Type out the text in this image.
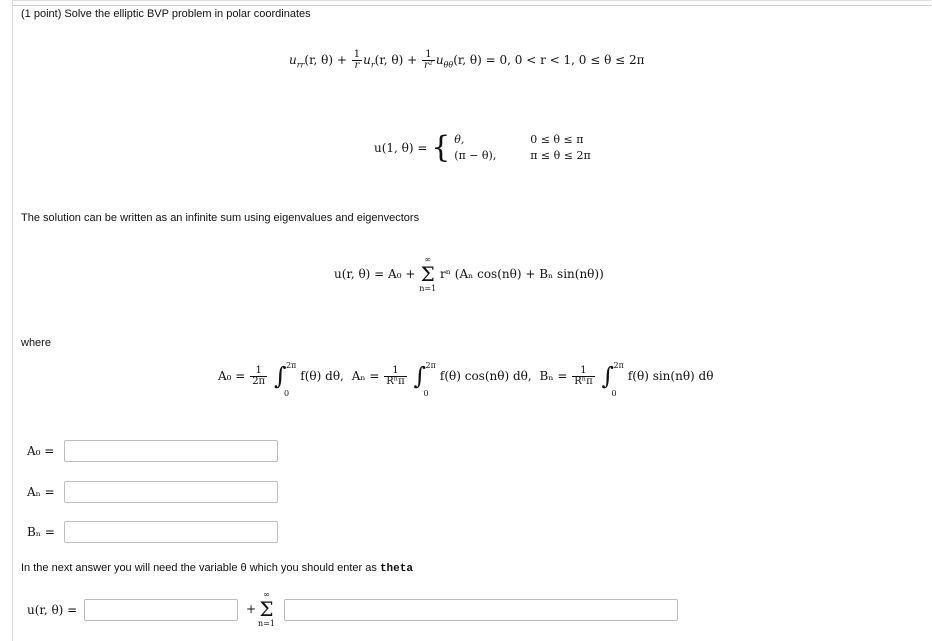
(1 point) Solve the elliptic BVP problem in polar coordinates
$u_{rr}(r$, $\theta) + \frac{1}{r} u_r(r$, $\theta) + \frac{1}{\text{r²}} u_{\theta\theta}(r$, θ) = 0, 0 < r < 1, 0 ≤ θ ≤ 2π
u(1, θ) = { θ,	0 ≤ θ ≤ π
(π − θ),	π ≤ θ ≤ 2π
The solution can be written as an infinite sum using eigenvalues and eigenvectors
u(r, θ) = A₀ + ∞
Σ
n=1 rⁿ (Aₙ cos(nθ) + Bₙ sin(nθ))
where
$A_0 = \frac{1}{2\pi}$ ∫ 2π
0
f(θ) dθ, $A_n = \frac{1}{\text{Rⁿπ}}$ ∫ 2π
0
f(θ) cos(nθ) dθ, $B_n = \frac{1}{\text{Rⁿπ}}$ ∫ 2π
0
f(θ) sin(nθ) dθ
A₀ =
Aₙ =
Bₙ =
In the next answer you will need the variable θ which you should enter as theta
u(r, θ) =	+
∞
Σ
n=1
